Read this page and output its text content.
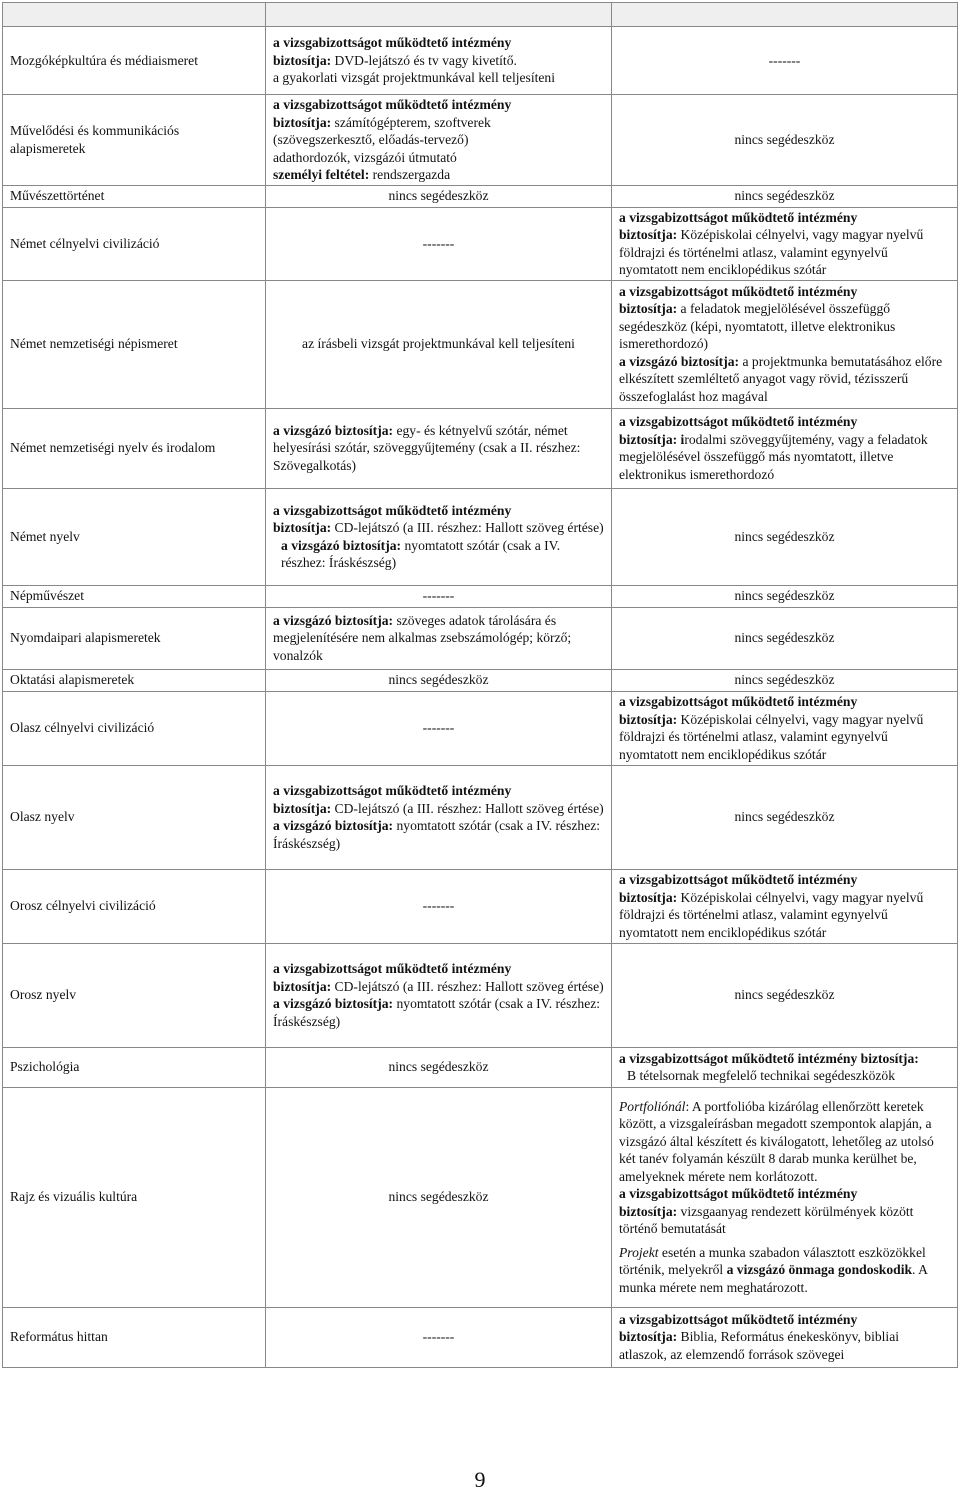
Mozgóképkultúra és médiaismeret	a vizsgabizottságot működtető intézmény
biztosítja: DVD-lejátszó és tv vagy kivetítő.
a gyakorlati vizsgát projektmunkával kell teljesíteni	-------
Művelődési és kommunikációs alapismeretek	a vizsgabizottságot működtető intézmény
biztosítja: számítógépterem, szoftverek
(szövegszerkesztő, előadás-tervező)
adathordozók, vizsgázói útmutató
személyi feltétel: rendszergazda	nincs segédeszköz
Művészettörténet	nincs segédeszköz	nincs segédeszköz
Német célnyelvi civilizáció	-------	a vizsgabizottságot működtető intézmény
biztosítja: Középiskolai célnyelvi, vagy magyar nyelvű földrajzi és történelmi atlasz, valamint egynyelvű nyomtatott nem enciklopédikus szótár

Német nemzetiségi népismeret	az írásbeli vizsgát projektmunkával kell teljesíteni	a vizsgabizottságot működtető intézmény
biztosítja: a feladatok megjelölésével összefüggő segédeszköz (képi, nyomtatott, illetve elektronikus ismerethordozó)
a vizsgázó biztosítja: a projektmunka bemutatásához előre elkészített szemléltető anyagot vagy rövid, tézisszerű összefoglalást hoz magával

Német nemzetiségi nyelv és irodalom	a vizsgázó biztosítja: egy- és kétnyelvű szótár, német helyesírási szótár, szöveggyűjtemény (csak a II. részhez: Szövegalkotás)	a vizsgabizottságot működtető intézmény
biztosítja: irodalmi szöveggyűjtemény, vagy a feladatok megjelölésével összefüggő más nyomtatott, illetve elektronikus ismerethordozó

Német nyelv	a vizsgabizottságot működtető intézmény
biztosítja: CD-lejátszó (a III. részhez: Hallott szöveg értése)
a vizsgázó biztosítja: nyomtatott szótár (csak a IV. részhez: Íráskészség)	nincs segédeszköz
Népművészet	-------	nincs segédeszköz
Nyomdaipari alapismeretek	a vizsgázó biztosítja: szöveges adatok tárolására és megjelenítésére nem alkalmas zsebszámológép; körző; vonalzók	nincs segédeszköz
Oktatási alapismeretek	nincs segédeszköz	nincs segédeszköz
Olasz célnyelvi civilizáció	-------	a vizsgabizottságot működtető intézmény
biztosítja: Középiskolai célnyelvi, vagy magyar nyelvű földrajzi és történelmi atlasz, valamint egynyelvű nyomtatott nem enciklopédikus szótár

Olasz nyelv	a vizsgabizottságot működtető intézmény
biztosítja: CD-lejátszó (a III. részhez: Hallott szöveg értése)
a vizsgázó biztosítja: nyomtatott szótár (csak a IV. részhez: Íráskészség)	nincs segédeszköz
Orosz célnyelvi civilizáció	-------	a vizsgabizottságot működtető intézmény
biztosítja: Középiskolai célnyelvi, vagy magyar nyelvű földrajzi és történelmi atlasz, valamint egynyelvű nyomtatott nem enciklopédikus szótár

Orosz nyelv	a vizsgabizottságot működtető intézmény
biztosítja: CD-lejátszó (a III. részhez: Hallott szöveg értése)
a vizsgázó biztosítja: nyomtatott szótár (csak a IV. részhez: Íráskészség)	nincs segédeszköz
Pszichológia	nincs segédeszköz	a vizsgabizottságot működtető intézmény biztosítja:
B tételsornak megfelelő technikai segédeszközök

Rajz és vizuális kultúra	nincs segédeszköz	Portfoliónál: A portfolióba kizárólag ellenőrzött keretek között, a vizsgaleírásban megadott szempontok alapján, a vizsgázó által készített és kiválogatott, lehetőleg az utolsó két tanév folyamán készült 8 darab munka kerülhet be, amelyeknek mérete nem korlátozott.
a vizsgabizottságot működtető intézmény
biztosítja: vizsgaanyag rendezett körülmények között történő bemutatását
Projekt esetén a munka szabadon választott eszközökkel történik, melyekről a vizsgázó önmaga gondoskodik. A munka mérete nem meghatározott.

Református hittan	-------	a vizsgabizottságot működtető intézmény
biztosítja: Biblia, Református énekeskönyv, bibliai atlaszok, az elemzendő források szövegei
9
